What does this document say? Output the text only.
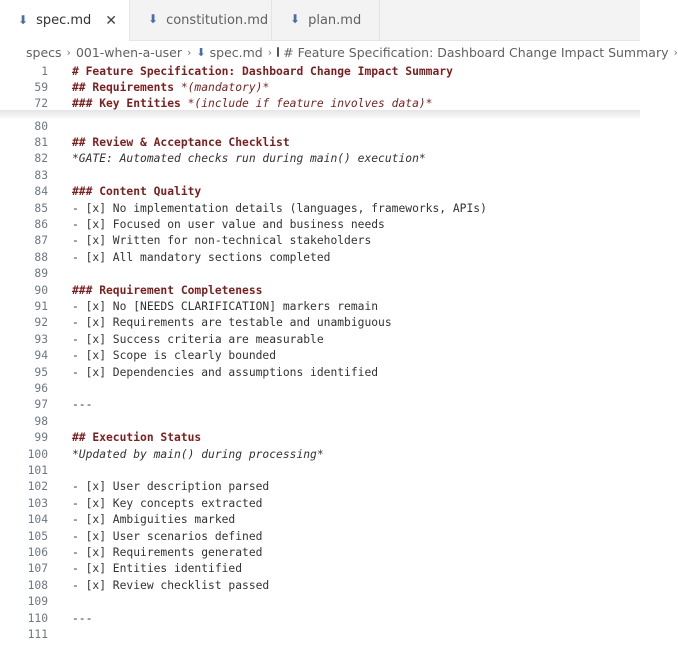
⬇ spec.md ✕	⬇ constitution.md ⬇ plan.md
specs › 001-when-a-user › ⬇ spec.md › # Feature Specification: Dashboard Change Impact Summary ›
1 # Feature Specification: Dashboard Change Impact Summary
59 ## Requirements *(mandatory)*
72 ### Key Entities *(include if feature involves data)*
80
81 ## Review & Acceptance Checklist
82 *GATE: Automated checks run during main() execution*
83
84 ### Content Quality
85 - [x] No implementation details (languages, frameworks, APIs)
86 - [x] Focused on user value and business needs
87 - [x] Written for non-technical stakeholders
88 - [x] All mandatory sections completed
89
90 ### Requirement Completeness
91 - [x] No [NEEDS CLARIFICATION] markers remain
92 - [x] Requirements are testable and unambiguous
93 - [x] Success criteria are measurable
94 - [x] Scope is clearly bounded
95 - [x] Dependencies and assumptions identified
96
97 ---
98
99 ## Execution Status
100 *Updated by main() during processing*
101
102 - [x] User description parsed
103 - [x] Key concepts extracted
104 - [x] Ambiguities marked
105 - [x] User scenarios defined
106 - [x] Requirements generated
107 - [x] Entities identified
108 - [x] Review checklist passed
109
110 ---
111
